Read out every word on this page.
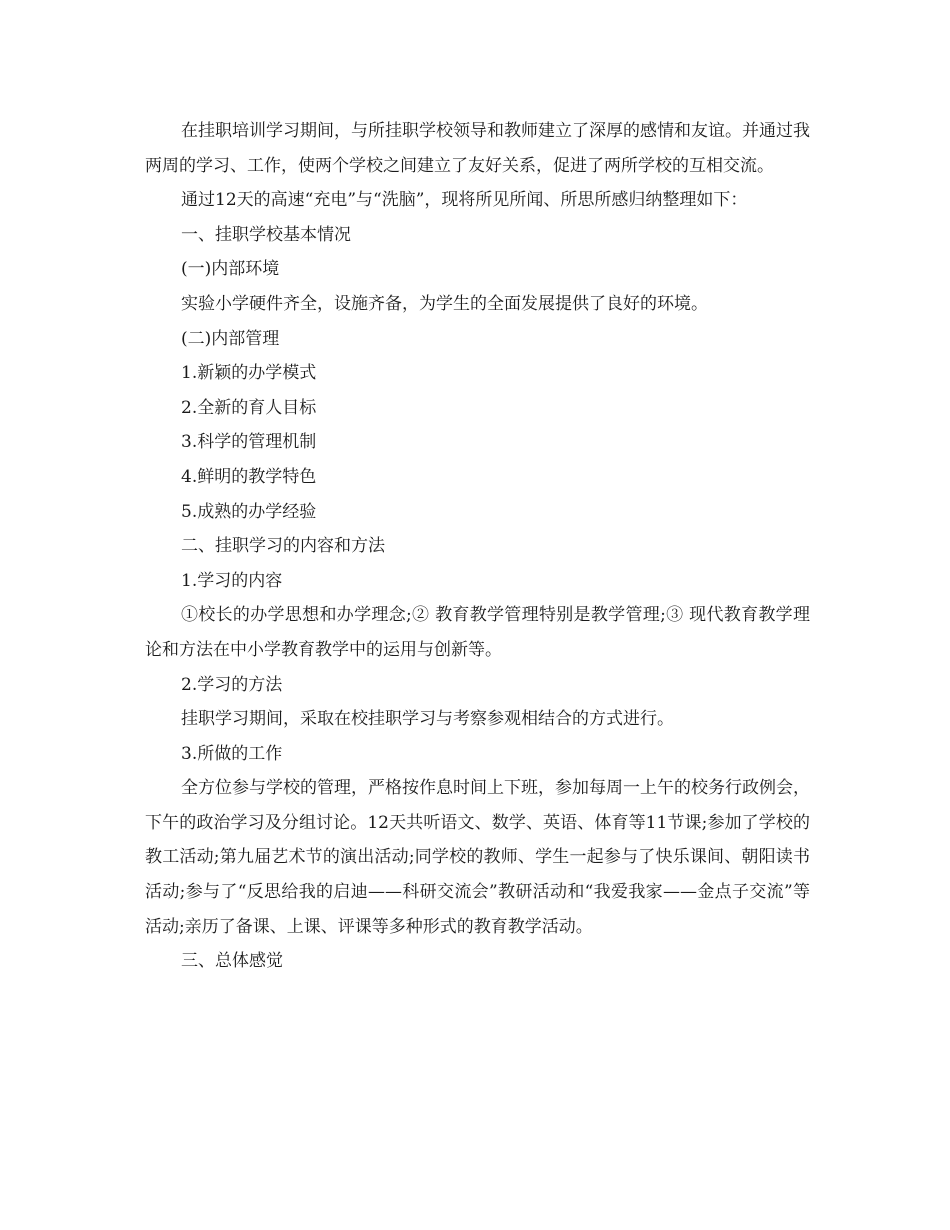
在挂职培训学习期间，与所挂职学校领导和教师建立了深厚的感情和友谊。并通过我两周的学习、工作，使两个学校之间建立了友好关系，促进了两所学校的互相交流。

通过12天的高速“充电”与“洗脑”，现将所见所闻、所思所感归纳整理如下：

一、挂职学校基本情况

(一)内部环境

实验小学硬件齐全，设施齐备，为学生的全面发展提供了良好的环境。

(二)内部管理

1.新颖的办学模式

2.全新的育人目标

3.科学的管理机制

4.鲜明的教学特色

5.成熟的办学经验

二、挂职学习的内容和方法

1.学习的内容

①校长的办学思想和办学理念;② 教育教学管理特别是教学管理;③ 现代教育教学理论和方法在中小学教育教学中的运用与创新等。

2.学习的方法

挂职学习期间，采取在校挂职学习与考察参观相结合的方式进行。

3.所做的工作

全方位参与学校的管理，严格按作息时间上下班，参加每周一上午的校务行政例会，下午的政治学习及分组讨论。12天共听语文、数学、英语、体育等11节课;参加了学校的教工活动;第九届艺术节的演出活动;同学校的教师、学生一起参与了快乐课间、朝阳读书活动;参与了“反思给我的启迪——科研交流会”教研活动和“我爱我家——金点子交流”等活动;亲历了备课、上课、评课等多种形式的教育教学活动。

三、总体感觉
